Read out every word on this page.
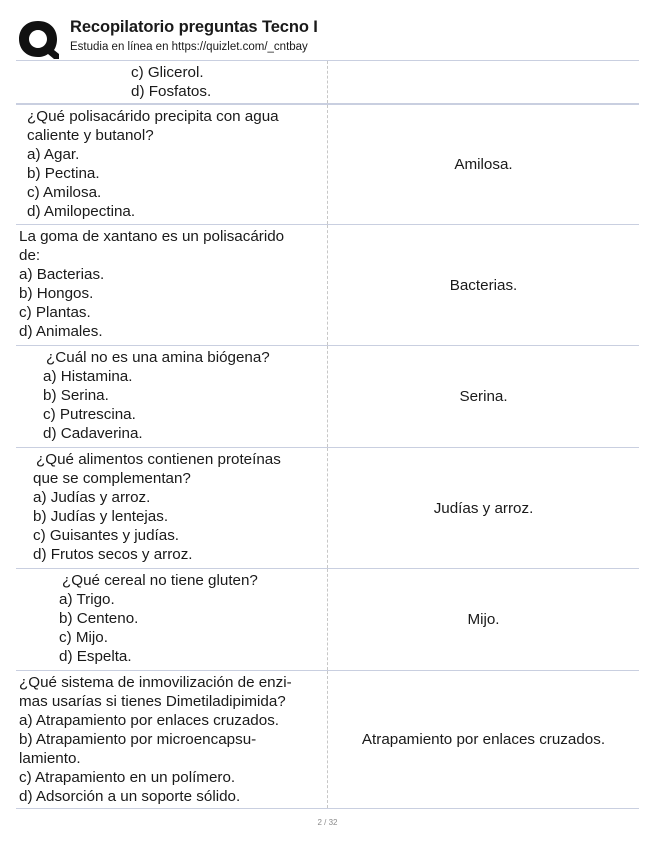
Recopilatorio preguntas Tecno I
Estudia en línea en https://quizlet.com/_cntbay
c) Glicerol.
d) Fosfatos.
¿Qué polisacárido precipita con agua
caliente y butanol?
a) Agar.
b) Pectina.
c) Amilosa.
d) Amilopectina.
Amilosa.
La goma de xantano es un polisacárido
de:
a) Bacterias.
b) Hongos.
c) Plantas.
d) Animales.
Bacterias.
¿Cuál no es una amina biógena?
a) Histamina.
b) Serina.
c) Putrescina.
d) Cadaverina.
Serina.
¿Qué alimentos contienen proteínas
que se complementan?
a) Judías y arroz.
b) Judías y lentejas.
c) Guisantes y judías.
d) Frutos secos y arroz.
Judías y arroz.
¿Qué cereal no tiene gluten?
a) Trigo.
b) Centeno.
c) Mijo.
d) Espelta.
Mijo.
¿Qué sistema de inmovilización de enzi-
mas usarías si tienes Dimetiladipimida?
a) Atrapamiento por enlaces cruzados.
b) Atrapamiento por microencapsu-
lamiento.
c) Atrapamiento en un polímero.
d) Adsorción a un soporte sólido.
Atrapamiento por enlaces cruzados.
2 / 32
